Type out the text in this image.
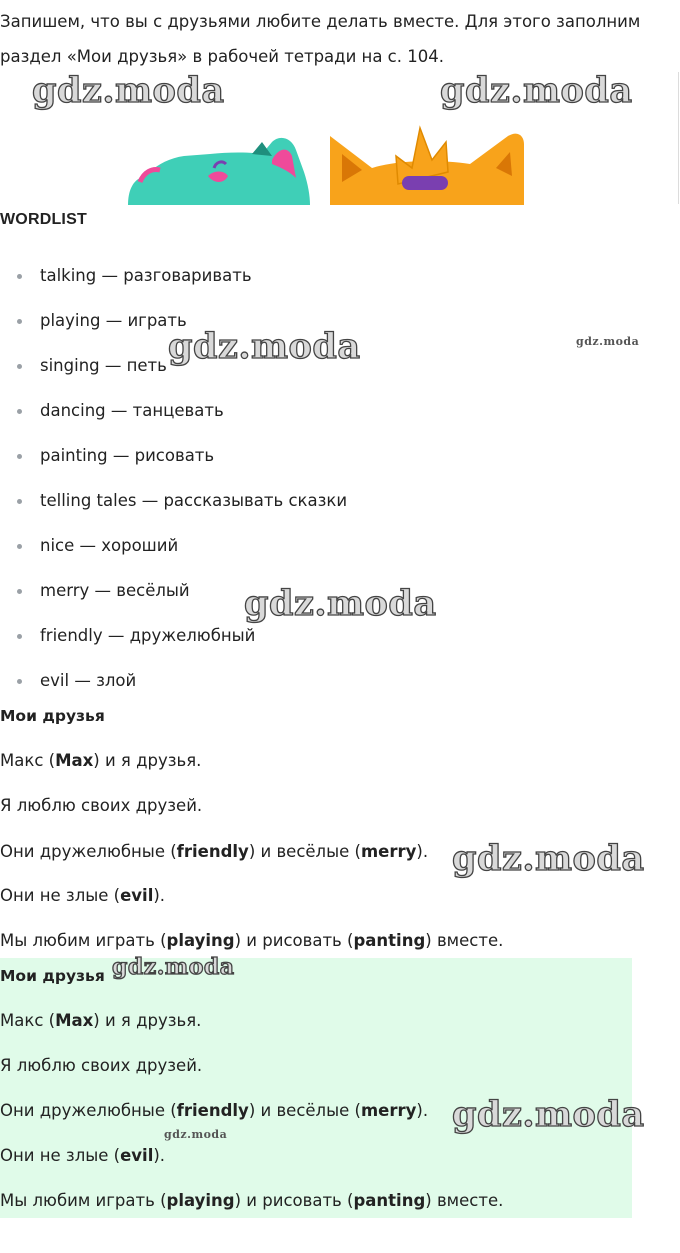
Запишем, что вы с друзьями любите делать вместе. Для этого заполним раздел «Мои друзья» в рабочей тетради на с. 104.

WORDLIST
talking — разговаривать
playing — играть
singing — петь
dancing — танцевать
painting — рисовать
telling tales — рассказывать сказки
nice — хороший
merry — весёлый
friendly — дружелюбный
evil — злой
Мои друзья
Макс (Max) и я друзья.
Я люблю своих друзей.
Они дружелюбные (friendly) и весёлые (merry).
Они не злые (evil).
Мы любим играть (playing) и рисовать (panting) вместе.
Мои друзья
Макс (Max) и я друзья.
Я люблю своих друзей.
Они дружелюбные (friendly) и весёлые (merry).
Они не злые (evil).
Мы любим играть (playing) и рисовать (panting) вместе.
gdz.moda	gdz.moda
gdz.moda	gdz.moda
gdz.moda
gdz.moda
gdz.moda
gdz.moda
gdz.moda
